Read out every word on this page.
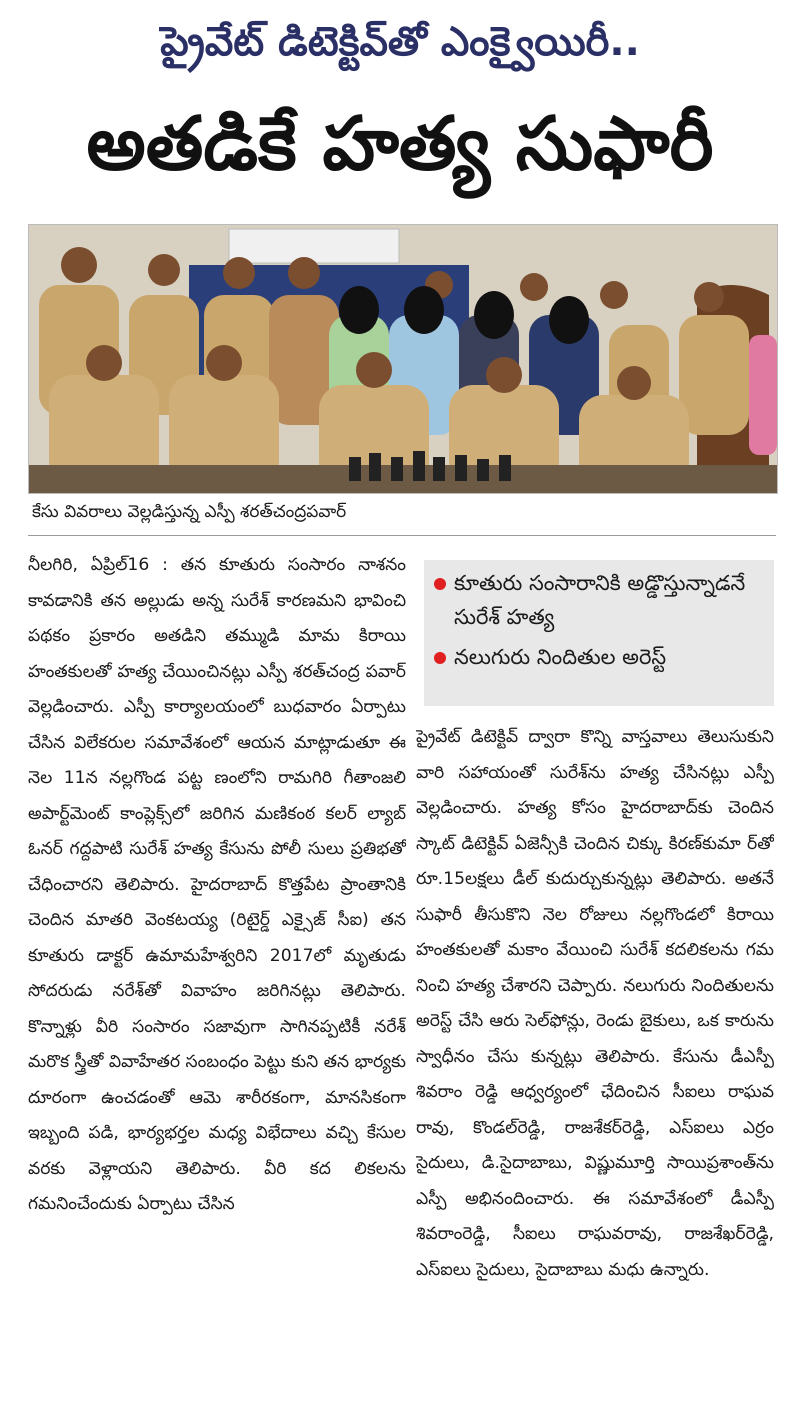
ప్రైవేట్ డిటెక్టివ్‌తో ఎంక్వైయిరీ..
అతడికే హత్య సుఫారీ
కేసు వివరాలు వెల్లడిస్తున్న ఎస్పీ శరత్‌చంద్రపవార్

నీలగిరి, ఏప్రిల్16 : తన కూతురు సంసారం నాశనం కావడానికి తన అల్లుడు అన్న సురేశ్ కారణమని భావించి పథకం ప్రకారం అతడిని తమ్ముడి మామ కిరాయి హంతకులతో హత్య చేయించినట్లు ఎస్పీ శరత్‌చంద్ర పవార్ వెల్లడించారు. ఎస్పీ కార్యాలయంలో బుధవారం ఏర్పాటు చేసిన విలేకరుల సమావేశంలో ఆయన మాట్లాడుతూ ఈ నెల 11న నల్లగొండ పట్ట ణంలోని రామగిరి గీతాంజలి అపార్ట్‌మెంట్ కాంప్లెక్స్‌లో జరిగిన మణికంఠ కలర్ ల్యాబ్ ఓనర్ గద్దపాటి సురేశ్ హత్య కేసును పోలీ సులు ప్రతిభతో చేధించారని తెలిపారు. హైదరాబాద్ కొత్తపేట ప్రాంతానికి చెందిన మాతరి వెంకటయ్య (రిటైర్డ్ ఎక్సైజ్ సీఐ) తన కూతురు డాక్టర్ ఉమామహేశ్వరిని 2017లో మృతుడు సోదరుడు నరేశ్‌తో వివాహం జరిగినట్లు తెలిపారు. కొన్నాళ్లు వీరి సంసారం సజావుగా సాగినప్పటికీ నరేశ్ మరొక స్త్రీతో వివాహేతర సంబంధం పెట్టు కుని తన భార్యకు దూరంగా ఉంచడంతో ఆమె శారీరకంగా, మానసికంగా ఇబ్బంది పడి, భార్యభర్తల మధ్య విభేదాలు వచ్చి కేసుల వరకు వెళ్లాయని తెలిపారు. వీరి కద లికలను గమనించేందుకు ఏర్పాటు చేసిన

కూతురు సంసారానికి అడ్డొస్తున్నాడనే సురేశ్ హత్య
నలుగురు నిందితుల అరెస్ట్

ప్రైవేట్ డిటెక్టివ్ ద్వారా కొన్ని వాస్తవాలు తెలుసుకుని వారి సహాయంతో సురేశ్‌ను హత్య చేసినట్లు ఎస్పీ వెల్లడించారు. హత్య కోసం హైదరాబాద్‌కు చెందిన స్కాట్ డిటెక్టివ్ ఏజెన్సీకి చెందిన చిక్కు కిరణ్‌కుమా ర్‌తో రూ.15లక్షలు డీల్ కుదుర్చుకున్నట్లు తెలిపారు. అతనే సుఫారీ తీసుకొని నెల రోజులు నల్లగొండలో కిరాయి హంతకులతో మకాం వేయించి సురేశ్ కదలికలను గమ నించి హత్య చేశారని చెప్పారు. నలుగురు నిందితులను అరెస్ట్ చేసి ఆరు సెల్‌ఫోన్లు, రెండు బైకులు, ఒక కారును స్వాధీనం చేసు కున్నట్లు తెలిపారు. కేసును డీఎస్పీ శివరాం రెడ్డి ఆధ్వర్యంలో ఛేదించిన సీఐలు రాఘవ రావు, కొండల్‌రెడ్డి, రాజశేకర్‌రెడ్డి, ఎస్ఐలు ఎర్రం సైదులు, డి.సైదాబాబు, విష్ణుమూర్తి సాయిప్రశాంత్‌ను ఎస్పీ అభినందించారు. ఈ సమావేశంలో డీఎస్పీ శివరాంరెడ్డి, సీఐలు రాఘవరావు, రాజశేఖర్‌రెడ్డి, ఎస్ఐలు సైదులు, సైదాబాబు మధు ఉన్నారు.
